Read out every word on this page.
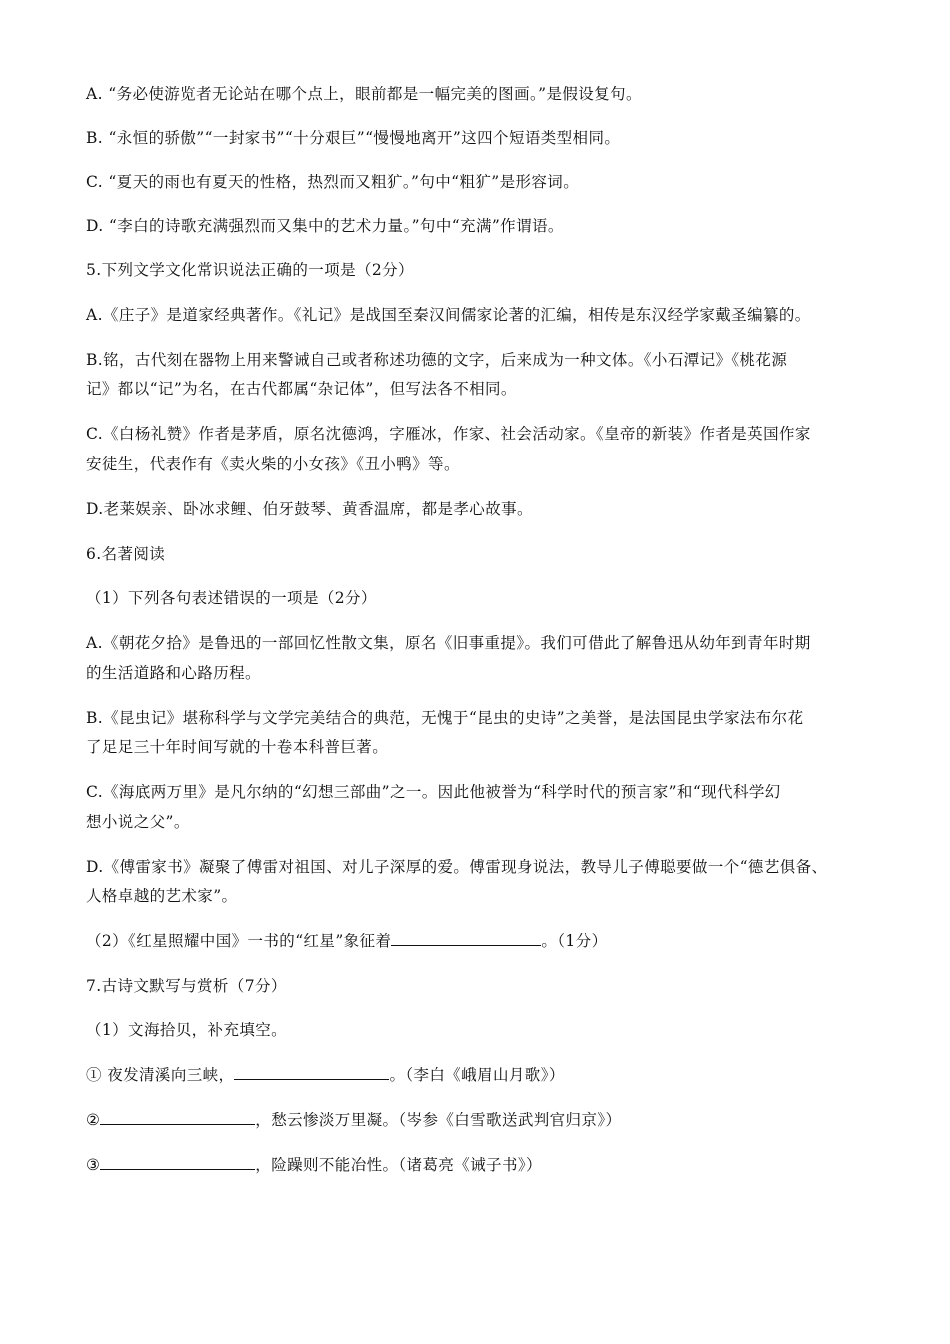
A. “务必使游览者无论站在哪个点上，眼前都是一幅完美的图画。”是假设复句。
B. “永恒的骄傲”“一封家书”“十分艰巨”“慢慢地离开”这四个短语类型相同。
C. “夏天的雨也有夏天的性格，热烈而又粗犷。”句中“粗犷”是形容词。
D. “李白的诗歌充满强烈而又集中的艺术力量。”句中“充满”作谓语。
5.下列文学文化常识说法正确的一项是（2分）
A.《庄子》是道家经典著作。《礼记》是战国至秦汉间儒家论著的汇编，相传是东汉经学家戴圣编纂的。
B.铭，古代刻在器物上用来警诫自己或者称述功德的文字，后来成为一种文体。《小石潭记》《桃花源
记》都以“记”为名，在古代都属“杂记体”，但写法各不相同。
C.《白杨礼赞》作者是茅盾，原名沈德鸿，字雁冰，作家、社会活动家。《皇帝的新装》作者是英国作家
安徒生，代表作有《卖火柴的小女孩》《丑小鸭》等。
D.老莱娱亲、卧冰求鲤、伯牙鼓琴、黄香温席，都是孝心故事。
6.名著阅读
（1）下列各句表述错误的一项是（2分）
A.《朝花夕拾》是鲁迅的一部回忆性散文集，原名《旧事重提》。我们可借此了解鲁迅从幼年到青年时期
的生活道路和心路历程。
B.《昆虫记》堪称科学与文学完美结合的典范，无愧于“昆虫的史诗”之美誉，是法国昆虫学家法布尔花
了足足三十年时间写就的十卷本科普巨著。
C.《海底两万里》是凡尔纳的“幻想三部曲”之一。因此他被誉为“科学时代的预言家”和“现代科学幻
想小说之父”。
D.《傅雷家书》凝聚了傅雷对祖国、对儿子深厚的爱。傅雷现身说法，教导儿子傅聪要做一个“德艺俱备、
人格卓越的艺术家”。
（2）《红星照耀中国》一书的“红星”象征着	。（1分）
7.古诗文默写与赏析（7分）
（1）文海拾贝，补充填空。
① 夜发清溪向三峡，	。（李白《峨眉山月歌》）
②	，愁云惨淡万里凝。（岑参《白雪歌送武判官归京》）
③	，险躁则不能冶性。（诸葛亮《诫子书》）
